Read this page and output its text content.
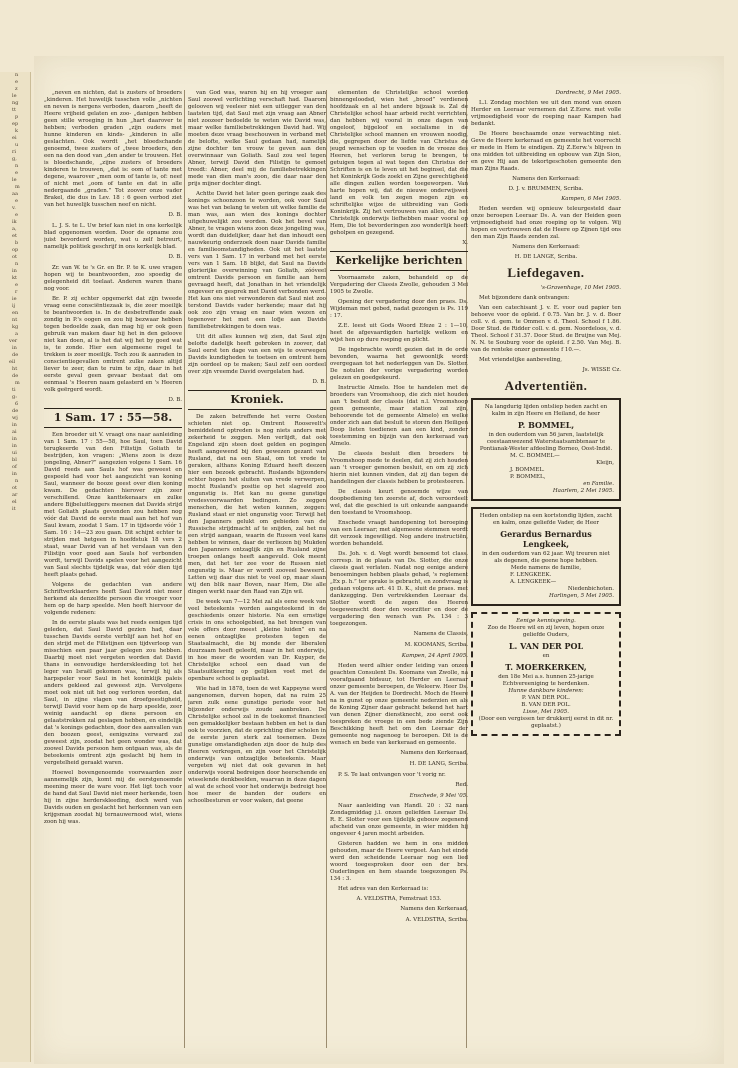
n
e
z
le
ng
tt
p
ep
k
ei
u
ri
g,
n
e
le
m
aa
e
v.
e
ik
a,
et
b
op
ot
n
in
kt
e
r
ie
ij
en
nt
kg
a
ver
in
de
eil
ht
de
m
ti
g:
6
de
wj
in
ai
in
in
ui
bl
of
in
n
ot
ar
el
it

„neven en nichten, dat is zusters of broeders „kinderen. Het huwelijk tusschen volle „nichten en neven is nergens verboden, daarom „heeft de Heere vrijheid gelaten en zoo- „danigen hebben geen stille wroeging in hun „hart daarover te hebben; verboden graden „zijn ouders met hunne kinderen en kinds- „kinderen in alle geslachten. Ook wordt „het bloedschande genoemd, twee zusters of „twee broeders, den een na den dood van „den ander te trouwen. Het is bloedschande, „zijne zusters of broeders kinderen te trouwen, „dat is: oom of tante met degene, waarover „men oom of tante is, of: neef of nicht met „oom of tante en dat in alle nedergaande „graden.” Tot zoover onze vader Brakel, die dus in Lev. 18 : 6 geen verbod ziet van het huwelijk tusschen neef en nicht.

D. B.

L. J. S. te L. Uw brief kan niet in ons kerkelijk blad opgenomen worden. Door de opname zou juist bevorderd worden, wat u zelf betreurt, namelijk politiek geschrijf in ons kerkelijk blad.

D. B.

Zr. van W. te 's Gr. en Br. P. te K. uwe vragen hopen wij te beantwoorden, zoo spoedig de gelegenheid dit toelaat. Anderen waren thans nog voor.

Br. P. zij echter opgemerkt dat zijn tweede vraag eene consciëntiezaak is, die zeer moeilijk te beantwoorden is. In de desbetreffende zaak zondig in P.'s oogen en zou hij bezwaar hebben tegen bedoelde zaak, dan mag hij er ook geen gebruik van maken daar hij het in den geloove niet kan doen, al is het dat wij het by goed wat is, te zonde. Hier een algemeene regel te trekken is zeer moeilijk. Toch zou ik aanraden in conscientiegevallen omtrent zulke zaken altijd liever te zeer, dan te ruim te zijn, daar in het eerste geval geen gevaar bestaat dat om eenmaal 's Heeren naam gelasterd en 's Heeren volk geërgerd wordt.

D. B.

1 Sam. 17 : 55—58.

Een broeder uit V. vraagt ons naar aanleiding van 1 Sam. 17 : 55—58, hoe Saul, toen David terugkeerde van den Filistijn Goliath te bestrijden, kon vragen: „Wiens zoon is deze jongeling, Abner?” aangezien volgens 1 Sam. 16 David reeds aan Sauls hof was geweest en gespeeld had voor het aangezicht van koning Saul, wanneer de booze geest over dien koning kwam. De gedachten hierover zijn zeer verschillend. Onze kanttekenaars en zulke andere Bijbeluitleggers meenen dat Davids strijd met Goliath plaats gevonden zou hebben nog vóór dat David de eerste maal aan het hof van Saul kwam, zoodat 1 Sam. 17 in tijdsorde vóór 1 Sam. 16 : 14—23 zou gaan. Dit schijnt echter te strijden met hetgeen in hoofdstuk 18 vers 2 staat, waar David van af het verslaan van den Filistijn voor goed aan Sauls hof verbonden wordt, terwijl Davids spelen voor het aangezicht van Saul slechts tijdelijk was, dat vóór dien tijd heeft plaats gehad.

Volgens de gedachten van andere Schriftverklaarders heeft Saul David niet meer herkend als denzelfde persoon die vroeger voor hem op de harp speelde. Men heeft hiervoor de volgende redenen:

In de eerste plaats was het reeds eenigen tijd geleden, dat Saul David gezien had, daar tusschen Davids eerste verblijf aan het hof en den strijd met de Filistijnen een tijdverloop van misschien een paar jaar gelegen zou hebben. Daarbij moet niet vergeten worden dat David thans in eenvoudige herderskleeding tot het leger van Israël gekomen was, terwijl hij als harpspeler voor Saul in het koninklijk paleis anders gekleed zal geweest zijn. Vervolgens moet ook niet uit het oog verloren worden, dat Saul, in zijne vlagen van droefgeestigheid, terwijl David voor hem op de harp speelde, zeer weinig aandacht op diens persoon en gelaatstrekken zal geslagen hebben, en eindelijk dat 's konings gedachten, door des aanvallen van den boozen geest, eenigszins verward zal geweest zijn, zoodat het geen wonder was, dat zoowel Davids persoon hem ontgaan was, als de beteekenis omtrent zijn geslacht bij hem in vergetelheid geraakt waren.

Hoewel bovengenoemde voorwaarden zeer aannemelijk zijn, komt mij de eerstgenoemde meening meer de ware voor. Het ligt toch voor de hand dat Saul David niet meer herkende, toen hij in zijne herderskleeding, doch werd van Davids ouden en geslacht het herkennen van een krijgsman zoodat hij ternauwernood wist, wiens zoon hij was.

van God was, waren hij en hij vroeger aan Saul zoowel verlichting verschaft had. Daarom gelooven wij veeleer niet een uitlegger van den laatsten tijd, dat Saul met zijn vraag aan Abner niet zoozeer bedoelde te weten wie David was, maar welke familiebetrekkingen David had. Wij moeten deze vraag beschouwen in verband met de belofte, welke Saul gedaan had, namelijk zijne dochter ten vrouw te geven aan den overwinnaar van Goliath. Saul zou wel tegen Abner, terwijl David den Filistijn te gemoet treedt: Abner, deel mij de familiebetrekkingen mede van dien man's zoon, die daar naar den prijs mijner dochter dingt.

Achtte David het later geen geringe zaak des konings schoonzoon te worden, ook voor Saul was het van belang te weten uit welke familie de man was, aan wien des konings dochter uitgehuwelijkt zou worden. Ook het bevel van Abner, te vragen wiens zoon deze jongeling was, wordt dan duidelijker, daar het dan inhoudt een nauwkeurig onderzoek doen naar Davids familie en familieomstandigheden. Ook uit het laatste vers van 1 Sam. 17 in verband met het eerste vers van 1 Sam. 18 blijkt, dat Saul na Davids glorierijke overwinning van Goliath, zóóveel omtrent Davids persoon en familie aan hem gevraagd heeft, dat Jonathan in het vriendelijk ongeveer en gesprek met David verbonden werd. Het kan ons niet verwonderen dat Saul niet zoo terstond Davids vader herkende; maar dat hij ook zoo zijn vraag en naar wien wezen en tegenover het met een lofje aan Davids familiebetrekkingen te doen was.

Uit dit alles kunnen wij zien, dat Saul zijn belofte dadelijk heeft gebroken in zoover, dat Saul eerst ten dage van een wijs te overwegen Davids kundigheden te toetsen en omtrent hem zijn oordeel op te maken; Saul zelf een oordeel over zijn vreemde David overgelaten had.

D. B.

Kroniek.

De zaken betreffende het verre Oosten schieten niet op. Omtrent Roosevelt's bemiddelend optreden is nog niets anders met zekerheid te zeggen. Men verlijdt, dat ook Engeland zijn steen doet gelden en pogingen heeft aangewend bij den gewezen gezant van Rusland, dat na een Staal, om tot vrede te geraken, althans Koning Eduard heeft deezen hier een bezoek gebracht. Ruslands bijzonders echter hopen het sluiten van vrede verwerpen, mocht Rusland's positie op het slagveld zoo ongunstig is. Het kan nu geene gunstige vredesvoorwaarden bedingen. Zo zeggen menschen, die het weten kunnen, zeggen: Rusland staat er niet ongunstig voor. Terwijl het den Japanners gelukt om gebieden van de Russische strijdmacht af te snijden, zal het nu een strijd aangaan, waarin de Russen veel kans hebben te winnen, daar de verliezen bij Mukden den Japanners ontzaglijk zijn en Rusland zijne troepen onlangs heeft aangevuld. Ook meent men, dat het ter zee voor de Russen niet ongunstig is. Maar er wordt zooveel beweerd. Letten wij daar dus niet te veel op, maar slaan wij den blik naar Boven, naar Hem, Die alle dingen werkt naar den Raad van Zijn wil.

De week van 7—12 Mei zal als eene week van veel beteekenis worden aangeteekend in de geschiedenis onzer historie. Na een ernstige crisis in ons schoolgebied, na het brengen van vele offers door meest „kleine luiden” en na eenen ontzaglijke protesten tegen de Staatsalmacht, die bij monde der liberalen duurzaam heeft geleefd, maar in het onderwijs, in hoe meer de woorden van Dr. Kuyper, de Christelijke school een daad van de Staatsuitkeering op gelijken voet met de openbare school is geplaatst.

Wie had in 1878, toen de wet Kappeyne werd aangenomen, durven hopen, dat na ruim 25 jaren zulk eene gunstige periode voor het bijzonder onderwijs zoude aanbreken. De Christelijke school zal in de toekomst financieel een gemakkelijker bestaan hebben en het is dan ook te voorzien, dat de oprichting dier scholen in de eerste jaren sterk zal toenemen. Deze gunstige omstandigheden zijn door de hulp des Heeren verkregen, en zijn voor het Christelijk onderwijs van ontzaglijke beteekenis. Maar vergeten wij niet dat ook gevaren in het onderwijs vooral bedreigen door heerschende en wisselende denkbeelden, waarvan in deze dagen al wat de school voor het onderwijs bedreigt hoe hoe meer de banden der ouders en schoolbesturen er voor waken, dat geene

elementen de Christelijke school worden binnengeloodsd, wien het „brood” verdienen hoofdzaak en al het andere bijzaak is. Zal de Christelijke school haar arbeid recht verrichten, dan hebben wij vooral in onze dagen van ongeloof, bijgeloof en socialisme in de Christelijke school mannen en vrouwen noodig, die, gegrepen door de liefde van Christus de jeugd wenschen op te voeden in de vreeze des Heeren, het verloren terug te brengen, te getuigen tegen al wat tegen den Christus der Schriften is en te leven uit het beginsel, dat die het Koninkrijk Gods zoekt en Zijne gerechtigheid alle dingen zullen worden toegeworpen. Van harte hopen wij, dat de nieuwe onderwijswet land en volk ten zegen mogen zijn en schriftelijke wijze de uitbreiding van Gods Koninkrijk. Zij het vertrouwen van allen, die het Christelijk onderwijs liefhebben maar vooral op Hem, Die tot bevorderingen zoo wonderlijk heeft geholpen en gezegend.

X.

Kerkelijke berichten

Voornaamste zaken, behandeld op de Vergadering der Classis Zwolle, gehouden 3 Mei 1905 te Zwolle.

Opening der vergadering door den praes. Ds. Wijdeman met gebed, nadat gezongen is Ps. 119 : 17.

Z.E. leest uit Gods Woord Efeze 2 : 1—10, heet de afgevaardigden hartelijk welkom en wijst hen op dure roeping en plicht.

De ingebrachte wordt gezien dat in de orde bevonden, waarna het gewoonlijk wordt overgegaan tot het nederleggen van Ds. Slotter. De notulen der vorige vergadering worden gelezen en goedgekeurd.

Instructie Almelo. Hoe te handelen met de broeders van Vroomshoop, die zich niet houden aan 't besluit der classis (dat n.l. Vroomshoop geen gemeente, maar station zal zijn, behoorende tot de gemeente Almelo) en welke onder zich aan dat besluit te storen den Heiligen Doop lieten toedienen aan een kind, zonder toestemming en bijzijn van den kerkeraad van Almelo.

De classis besluit dien broeders te Vroomshoop mede te deelen, dat zij zich houden aan 't vroeger genomen besluit, en om zij zich hierin niet kunnen vinden, dat zij dan tegen de handelingen der classis hebben te protesteeren.

De classis keurt genoemde wijze van doopbediening ten zeerste af, doch veroordeelt wel, dat die geschied is uit onkunde aangaande den toestand te Vroomshoop.

Enschede vraagt handopening tot beroeping van een Leeraar; met algemeene stemmen wordt dit verzoek ingewilligd. Nog andere instructiën, worden behandeld.

Ds. Joh. v. d. Vegt wordt benoemd tot class. corresp. in de plaats van Ds. Slotter, die onze classis gaat verlaten. Nadat nog eenige andere benoemingen hebben plaats gehad, 's reglement „Ex p. h.” ter sprake is gebracht, en zondvraag is gedaan volgens art. 41 D. K., sluit de praes. met dankzegging. Den vertrekkenden Leeraar ds. Slotter wordt de zegen des Heeren toegewenscht door den voorzitter en door de vergadering den wensch van Ps. 134 : 3 toegezongen.

Namens de Classis,

M. KOOMANS, Scriba.

Kampen, 24 April 1905.

Heden werd alhier onder leiding van onzen geachten Consulent Ds. Koomans van Zwolle, na voorafgaand bidsuur, tot Herder en Leeraar onzer gemeente beroepen, de Weleerw. Heer Ds. A. van der Heijden te Dordrecht. Moch de Heere na in gunst op onze gemeente nederzien en als de Koning Zijner daar gebracht bekend het hart van denen Zijner dienstknecht, zoo eerst ook toespreken de vroege in een bede ziende Zijn Beschikking heeft het om den Leeraar der gemeente nog nagenoeg te beroepen. Dit is de wensch en bede van kerkeraad en gemeente.

Namens den Kerkeraad,

H. DE LANG, Scriba.

P. S. Te laat ontvangen voor 't vorig nr.

Red.

Enschede, 9 Mei '05.

Naar aanleiding van Handl. 20 : 32 nam Zondagmiddag j.l. onzen geliefden Leeraar Ds. R. E. Slotter voor een tijdelijk gebouw zegenend afscheid van onze gemeente, in wier midden hij ongeveer 4 jaren mocht arbeiden.

Gisteren hadden we hem in ons midden gehouden, maar de Heere vergeet. Aan het einde werd den scheidende Leeraar nog een lied woord toegesproken door een der brs. Ouderlingen en hem staande toegezongen Ps. 134 : 3.

Het adres van den Kerkeraad is:

A. VELDSTRA, Femstraat 153.

Namens den Kerkeraad,

A. VELDSTRA, Scriba.

Dordrecht, 9 Mei 1905.

L.l. Zondag mochten we uit den mond van onzen Herder en Leeraar vernemen dat Z.Eerw. met volle vrijmoedigheid voor de roeping naar Kampen had bedankt.

De Heere beschaamde onze verwachting niet. Geve de Heere kerkeraad en gemeente het voorrecht er mede in Hem te eindigen. Zij Z.Eerw.'s blijven in ons midden tot uitbreiding en opbouw van Zijn Sion, en geve Hij aan de tekortgeschoten gemeente den man Zijns Raads.

Namens den Kerkeraad:

D. J. v. BRUMMEN, Scriba.

Kampen, 6 Mei 1905.

Heden werden wij opnieuw teleurgesteld daar onze beroepen Leeraar Ds. A. van der Heiden geen vrijmoedigheid had onze roeping op te volgen. Wij hopen en vertrouwen dat de Heere op Zijnen tijd ons den man Zijn Raads zenden zal.

Namens den Kerkeraad:

H. DE LANGE, Scriba.

Liefdegaven.

's-Gravenhage, 10 Mei 1905.

Met bijzondere dank ontvangen:

Van een catechisant J. v. E. voor oud papier ten behoeve voor de opleid. f 0.75. Van br. J. v. d. Boer coll. v. d. gem. te Ommen v. d. Theol. School f 1.86. Door Stud. de Ridder coll. v. d. gem. Noordeloos, v. d. Theol. School f 31.37. Door Stud. de Bruijne van Mej. N. N. te Souburg voor de opleid. f 2.50. Van Mej. B. van de renteke onzer gemeente f 10.—.

Met vriendelijke aanbeveling,

Js. WISSE Cz.

Advertentiën.
Na langdurig lijden ontsliep heden zacht en kalm in zijn Heere en Heiland, de heer
P. BOMMEL,
in den ouderdom van 56 jaren, laatstelijk ceestaanwezend Waterstaatsambtenaar te Pontianak-Wester afdeeling Borneo, Oost-Indië.
M. C. BOMMEL—
Kleijn,
J. BOMMEL.
P. BOMMEL,
en Familie.
Haarlem, 2 Mei 1905.
Heden ontsliep na een kortstondig lijden, zacht en kalm, onze geliefde Vader, de Heer
Gerardus Bernardus Lengkeek,
in den ouderdom van 62 jaar. Wij treuren niet als degenen, die geene hope hebben.
Mede namens de familie,
F. LENGKEEK.
A. LENGKEEK—
Niedenbichoten.
Harlingen, 5 Mei 1905.
Eenige kennisgeving.
Zoo de Heere wil en zij leven, hopen onze geliefde Ouders,
L. VAN DER POL
en
T. MOERKERKEN,
den 18e Mei a.s. hunnen 25-jarige Echtvereeniging te herdenken.
Hunne dankbare kinderen:
P. VAN DER POL.
B. VAN DER POL.
Lisse, Mei 1905.
(Door een vergissen ter drukkerij eerst in dit nr. geplaatst.)
